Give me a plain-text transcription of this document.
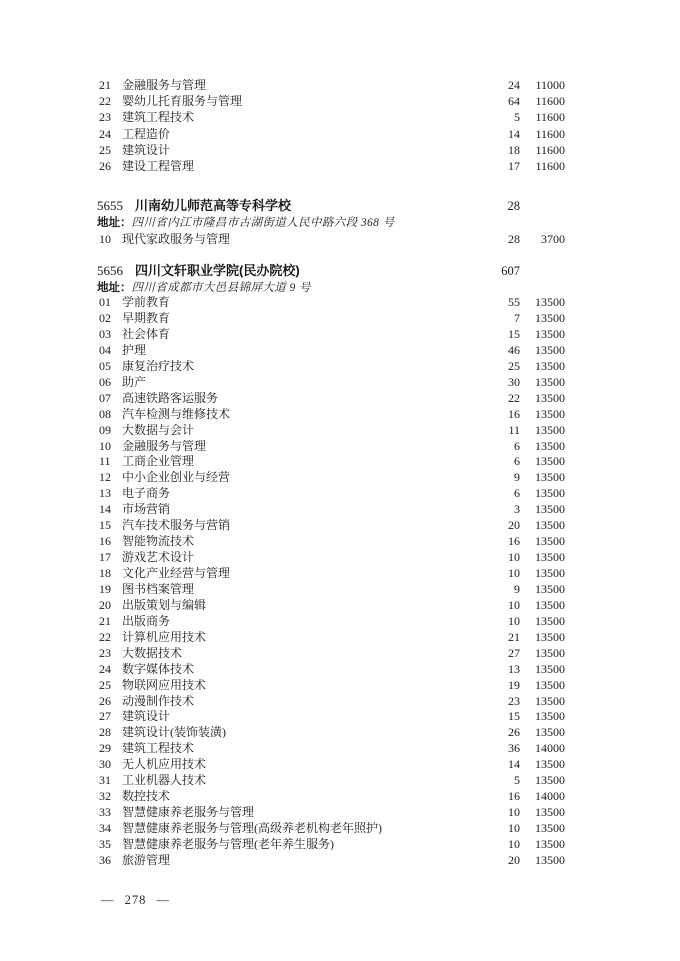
21 金融服务与管理	24	11000
22 婴幼儿托育服务与管理	64	11600
23 建筑工程技术	5	11600
24 工程造价	14	11600
25 建筑设计	18	11600
26 建设工程管理	17	11600
5655 川南幼儿师范高等专科学校	28
地址： 四川省内江市隆昌市古湖街道人民中路六段 368 号
10 现代家政服务与管理	28	3700
5656 四川文轩职业学院(民办院校)	607
地址： 四川省成都市大邑县锦屏大道 9 号
01 学前教育	55	13500
02 早期教育	7	13500
03 社会体育	15	13500
04 护理	46	13500
05 康复治疗技术	25	13500
06 助产	30	13500
07 高速铁路客运服务	22	13500
08 汽车检测与维修技术	16	13500
09 大数据与会计	11	13500
10 金融服务与管理	6	13500
11 工商企业管理	6	13500
12 中小企业创业与经营	9	13500
13 电子商务	6	13500
14 市场营销	3	13500
15 汽车技术服务与营销	20	13500
16 智能物流技术	16	13500
17 游戏艺术设计	10	13500
18 文化产业经营与管理	10	13500
19 图书档案管理	9	13500
20 出版策划与编辑	10	13500
21 出版商务	10	13500
22 计算机应用技术	21	13500
23 大数据技术	27	13500
24 数字媒体技术	13	13500
25 物联网应用技术	19	13500
26 动漫制作技术	23	13500
27 建筑设计	15	13500
28 建筑设计(装饰装潢)	26	13500
29 建筑工程技术	36	14000
30 无人机应用技术	14	13500
31 工业机器人技术	5	13500
32 数控技术	16	14000
33 智慧健康养老服务与管理	10	13500
34 智慧健康养老服务与管理(高级养老机构老年照护)	10	13500
35 智慧健康养老服务与管理(老年养生服务)	10	13500
36 旅游管理	20	13500
— 278 —
